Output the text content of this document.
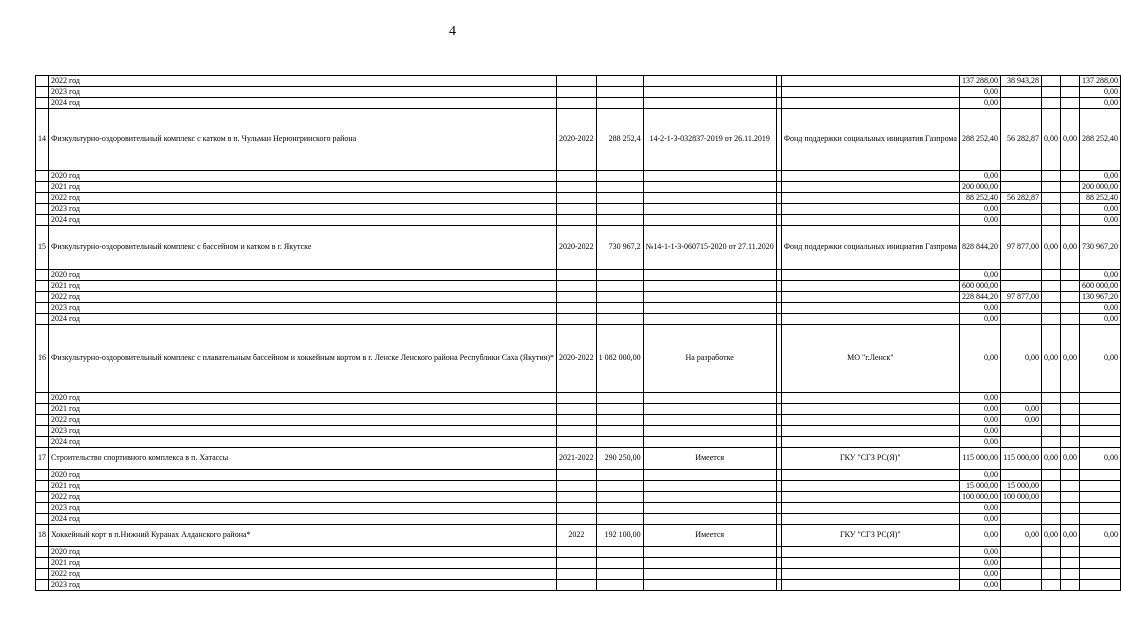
4
	2022 год						137 288,00	38 943,28			137 288,00
	2023 год						0,00				0,00
	2024 год						0,00				0,00
14	Физкультурно-оздоровительный комплекс с катком в п. Чульман Нерюнгринского района	2020-2022	288 252,4	14-2-1-3-032837-2019 от 26.11.2019		Фонд поддержки социальных инициатив Газпрома	288 252,40	56 282,87	0,00	0,00	288 252,40
	2020 год						0,00				0,00
	2021 год						200 000,00				200 000,00
	2022 год						88 252,40	56 282,87			88 252,40
	2023 год						0,00				0,00
	2024 год						0,00				0,00
15	Физкультурно-оздоровительный комплекс с бассейном и катком в г. Якутске	2020-2022	730 967,2	№14-1-1-3-060715-2020 от 27.11.2020		Фонд поддержки социальных инициатив Газпрома	828 844,20	97 877,00	0,00	0,00	730 967,20
	2020 год						0,00				0,00
	2021 год						600 000,00				600 000,00
	2022 год						228 844,20	97 877,00			130 967,20
	2023 год						0,00				0,00
	2024 год						0,00				0,00
16	Физкультурно-оздоровительный комплекс с плавательным бассейном и хоккейным кортом в г. Ленске Ленского района Республики Саха (Якутия)*	2020-2022	1 082 000,00	На разработке		МО "г.Ленск"	0,00	0,00	0,00	0,00	0,00
	2020 год						0,00				
	2021 год						0,00	0,00			
	2022 год						0,00	0,00			
	2023 год						0,00				
	2024 год						0,00				
17	Строительство спортивного комплекса в п. Хатассы	2021-2022	290 250,00	Имеется		ГКУ "СГЗ РС(Я)"	115 000,00	115 000,00	0,00	0,00	0,00
	2020 год						0,00				
	2021 год						15 000,00	15 000,00			
	2022 год						100 000,00	100 000,00			
	2023 год						0,00				
	2024 год						0,00				
18	Хоккейный корт в п.Нижний Куранах Алданского района*	2022	192 100,00	Имеется		ГКУ "СГЗ РС(Я)"	0,00	0,00	0,00	0,00	0,00
	2020 год						0,00				
	2021 год						0,00				
	2022 год						0,00				
	2023 год						0,00				
